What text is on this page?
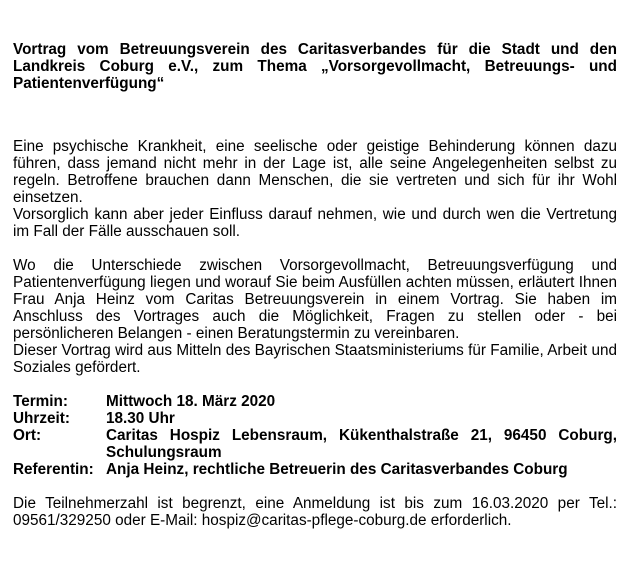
Vortrag vom Betreuungsverein des Caritasverbandes für die Stadt und den Landkreis Coburg e.V., zum Thema „Vorsorgevollmacht, Betreuungs- und Patientenverfügung“

Eine psychische Krankheit, eine seelische oder geistige Behinderung können dazu führen, dass jemand nicht mehr in der Lage ist, alle seine Angelegenheiten selbst zu regeln. Betroffene brauchen dann Menschen, die sie vertreten und sich für ihr Wohl einsetzen.

Vorsorglich kann aber jeder Einfluss darauf nehmen, wie und durch wen die Vertretung im Fall der Fälle ausschauen soll.

Wo die Unterschiede zwischen Vorsorgevollmacht, Betreuungsverfügung und Patientenverfügung liegen und worauf Sie beim Ausfüllen achten müssen, erläutert Ihnen Frau Anja Heinz vom Caritas Betreuungsverein in einem Vortrag. Sie haben im Anschluss des Vortrages auch die Möglichkeit, Fragen zu stellen oder - bei persönlicheren Belangen - einen Beratungstermin zu vereinbaren.

Dieser Vortrag wird aus Mitteln des Bayrischen Staatsministeriums für Familie, Arbeit und Soziales gefördert.

Termin:	Mittwoch 18. März 2020
Uhrzeit:	18.30 Uhr
Ort:	Caritas Hospiz Lebensraum, Kükenthalstraße 21, 96450 Coburg, Schulungsraum
Referentin: Anja Heinz, rechtliche Betreuerin des Caritasverbandes Coburg

Die Teilnehmerzahl ist begrenzt, eine Anmeldung ist bis zum 16.03.2020 per Tel.: 09561/329250 oder E-Mail: hospiz@caritas-pflege-coburg.de erforderlich.
